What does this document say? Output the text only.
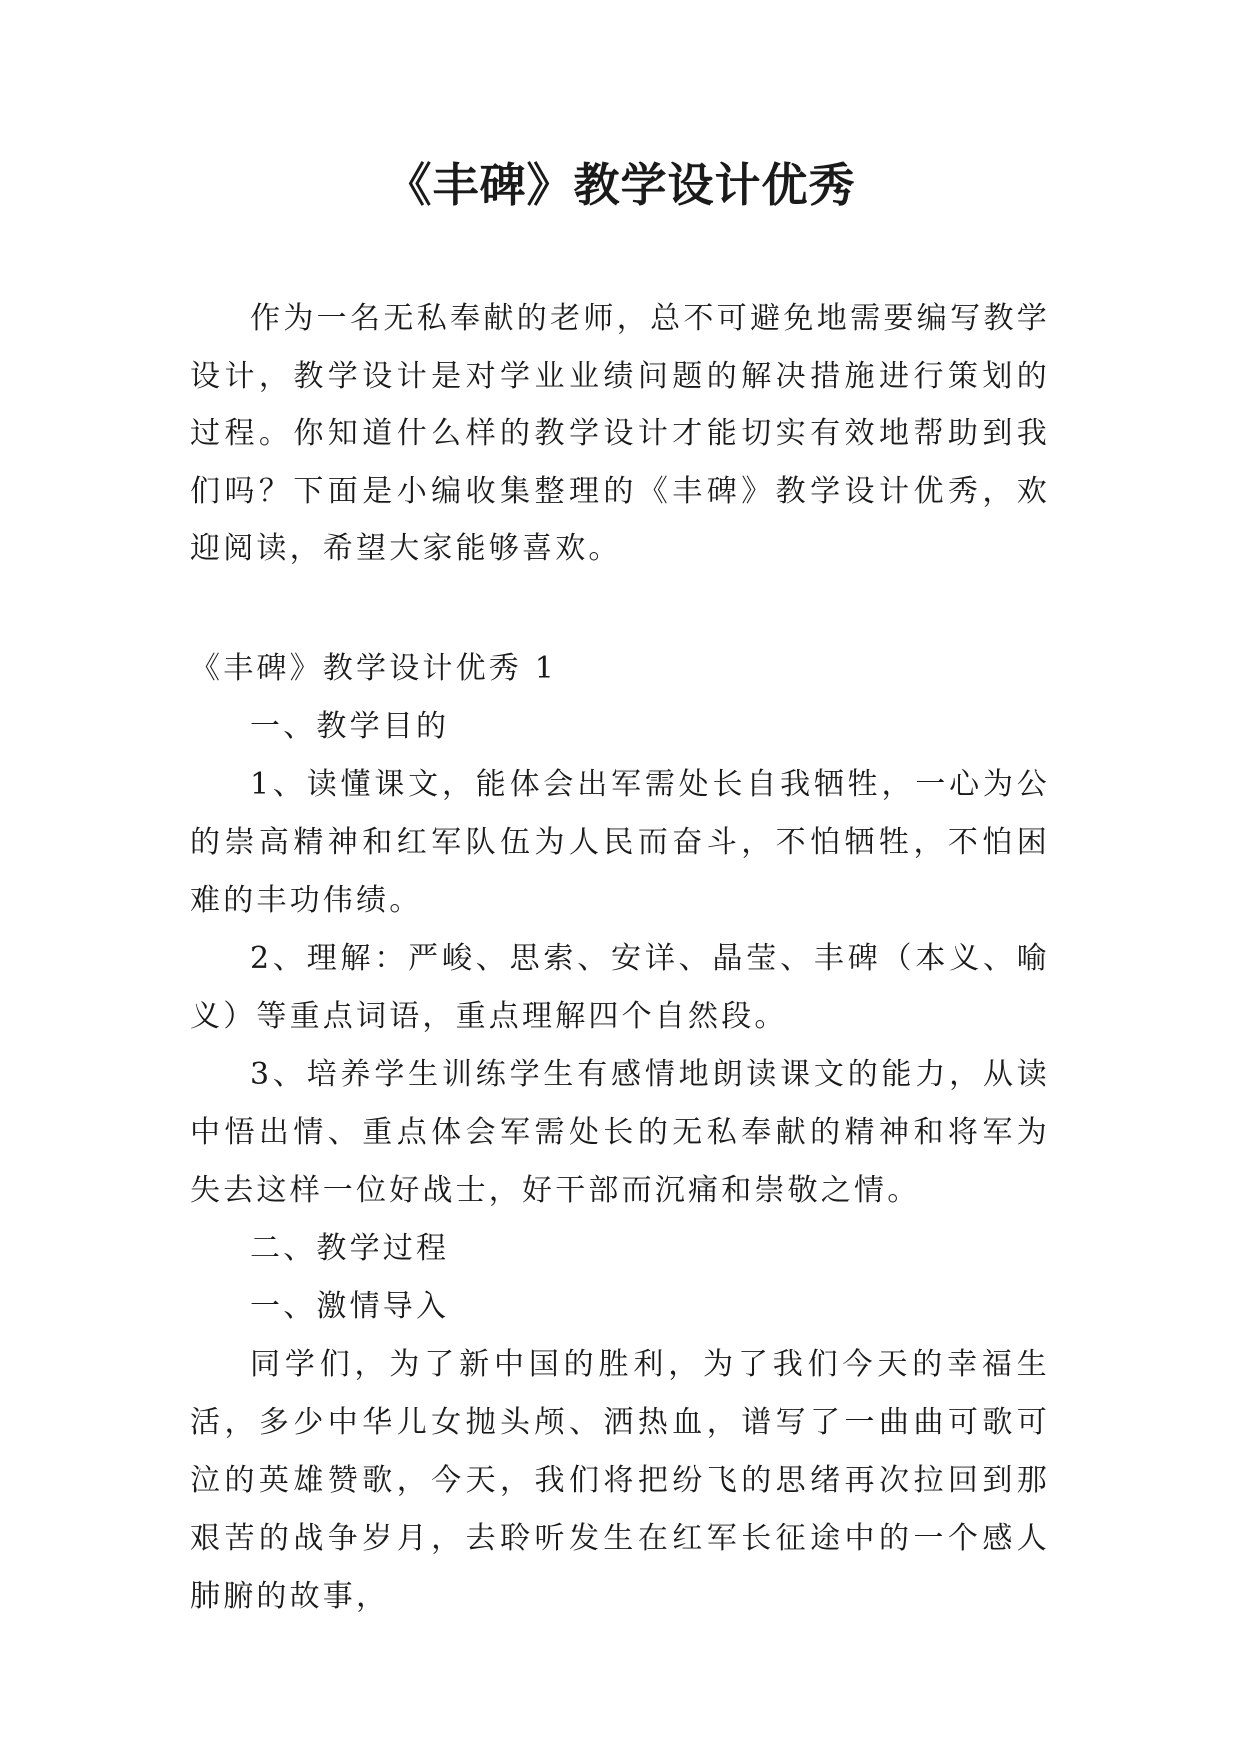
《丰碑》教学设计优秀
作为一名无私奉献的老师，总不可避免地需要编写教学设计，教学设计是对学业业绩问题的解决措施进行策划的过程。你知道什么样的教学设计才能切实有效地帮助到我们吗？下面是小编收集整理的《丰碑》教学设计优秀，欢迎阅读，希望大家能够喜欢。

《丰碑》教学设计优秀 1

一、教学目的

1、读懂课文，能体会出军需处长自我牺牲，一心为公的崇高精神和红军队伍为人民而奋斗，不怕牺牲，不怕困难的丰功伟绩。

2、理解：严峻、思索、安详、晶莹、丰碑（本义、喻义）等重点词语，重点理解四个自然段。

3、培养学生训练学生有感情地朗读课文的能力，从读中悟出情、重点体会军需处长的无私奉献的精神和将军为失去这样一位好战士，好干部而沉痛和崇敬之情。

二、教学过程

一、激情导入

同学们，为了新中国的胜利，为了我们今天的幸福生活，多少中华儿女抛头颅、洒热血，谱写了一曲曲可歌可泣的英雄赞歌，今天，我们将把纷飞的思绪再次拉回到那艰苦的战争岁月，去聆听发生在红军长征途中的一个感人肺腑的故事，
